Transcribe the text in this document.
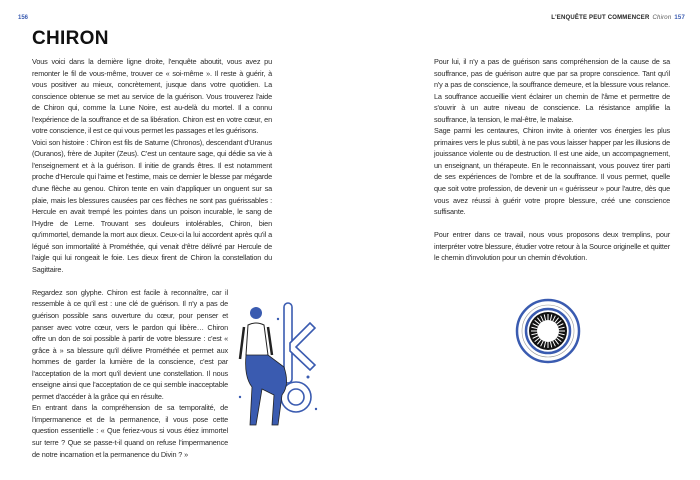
156
CHIRON

Vous voici dans la dernière ligne droite, l'enquête aboutit, vous avez pu remonter le fil de vous-même, trouver ce « soi-même ». Il reste à guérir, à vous positiver au mieux, concrètement, jusque dans votre quotidien. La conscience obtenue se met au service de la guérison. Vous trouverez l'aide de Chiron qui, comme la Lune Noire, est au-delà du mortel. Il a connu l'expérience de la souffrance et de sa libération. Chiron est en votre cœur, en votre conscience, il est ce qui vous permet les passages et les guérisons.

Voici son histoire : Chiron est fils de Saturne (Chronos), descendant d'Uranus (Ouranos), frère de Jupiter (Zeus). C'est un centaure sage, qui dédie sa vie à l'enseignement et à la guérison. Il initie de grands êtres. Il est notamment proche d'Hercule qui l'aime et l'estime, mais ce dernier le blesse par mégarde d'une flèche au genou. Chiron tente en vain d'appliquer un onguent sur sa plaie, mais les blessures causées par ces flèches ne sont pas guérissables : Hercule en avait trempé les pointes dans un poison incurable, le sang de l'Hydre de Lerne. Trouvant ses douleurs intolérables, Chiron, bien qu'immortel, demande la mort aux dieux. Ceux-ci la lui accordent après qu'il a légué son immortalité à Prométhée, qui venait d'être délivré par Hercule de l'aigle qui lui rongeait le foie. Les dieux firent de Chiron la constellation du Sagittaire.

Regardez son glyphe. Chiron est facile à reconnaître, car il ressemble à ce qu'il est : une clé de guérison. Il n'y a pas de guérison possible sans ouverture du cœur, pour penser et panser avec votre cœur, vers le pardon qui libère… Chiron offre un don de soi possible à partir de votre blessure : c'est « grâce à » sa blessure qu'il délivre Prométhée et permet aux hommes de garder la lumière de la conscience, c'est par l'acceptation de la mort qu'il devient une constellation. Il nous enseigne ainsi que l'acceptation de ce qui semble inacceptable permet d'accéder à la grâce qui en résulte.

En entrant dans la compréhension de sa temporalité, de l'impermanence et de la permanence, il vous pose cette question essentielle : « Que feriez-vous si vous étiez immortel sur terre ? Que se passe-t-il quand on refuse l'impermanence de notre incarnation et la permanence du Divin ? »

L'ENQUÊTE PEUT COMMENCER Chiron 157

Pour lui, il n'y a pas de guérison sans compréhension de la cause de sa souffrance, pas de guérison autre que par sa propre conscience. Tant qu'il n'y a pas de conscience, la souffrance demeure, et la blessure vous relance. La souffrance accueillie vient éclairer un chemin de l'âme et permettre de s'ouvrir à un autre niveau de conscience. La résistance amplifie la souffrance, la tension, le mal-être, le malaise.

Sage parmi les centaures, Chiron invite à orienter vos énergies les plus primaires vers le plus subtil, à ne pas vous laisser happer par les illusions de jouissance violente ou de destruction. Il est une aide, un accompagnement, un enseignant, un thérapeute. En le reconnaissant, vous pouvez tirer parti de ses expériences de l'ombre et de la souffrance. Il vous permet, quelle que soit votre profession, de devenir un « guérisseur » pour l'autre, dès que vous avez réussi à guérir votre propre blessure, créé une conscience suffisante.

Pour entrer dans ce travail, nous vous proposons deux tremplins, pour interpréter votre blessure, étudier votre retour à la Source originelle et quitter le chemin d'involution pour un chemin d'évolution.
